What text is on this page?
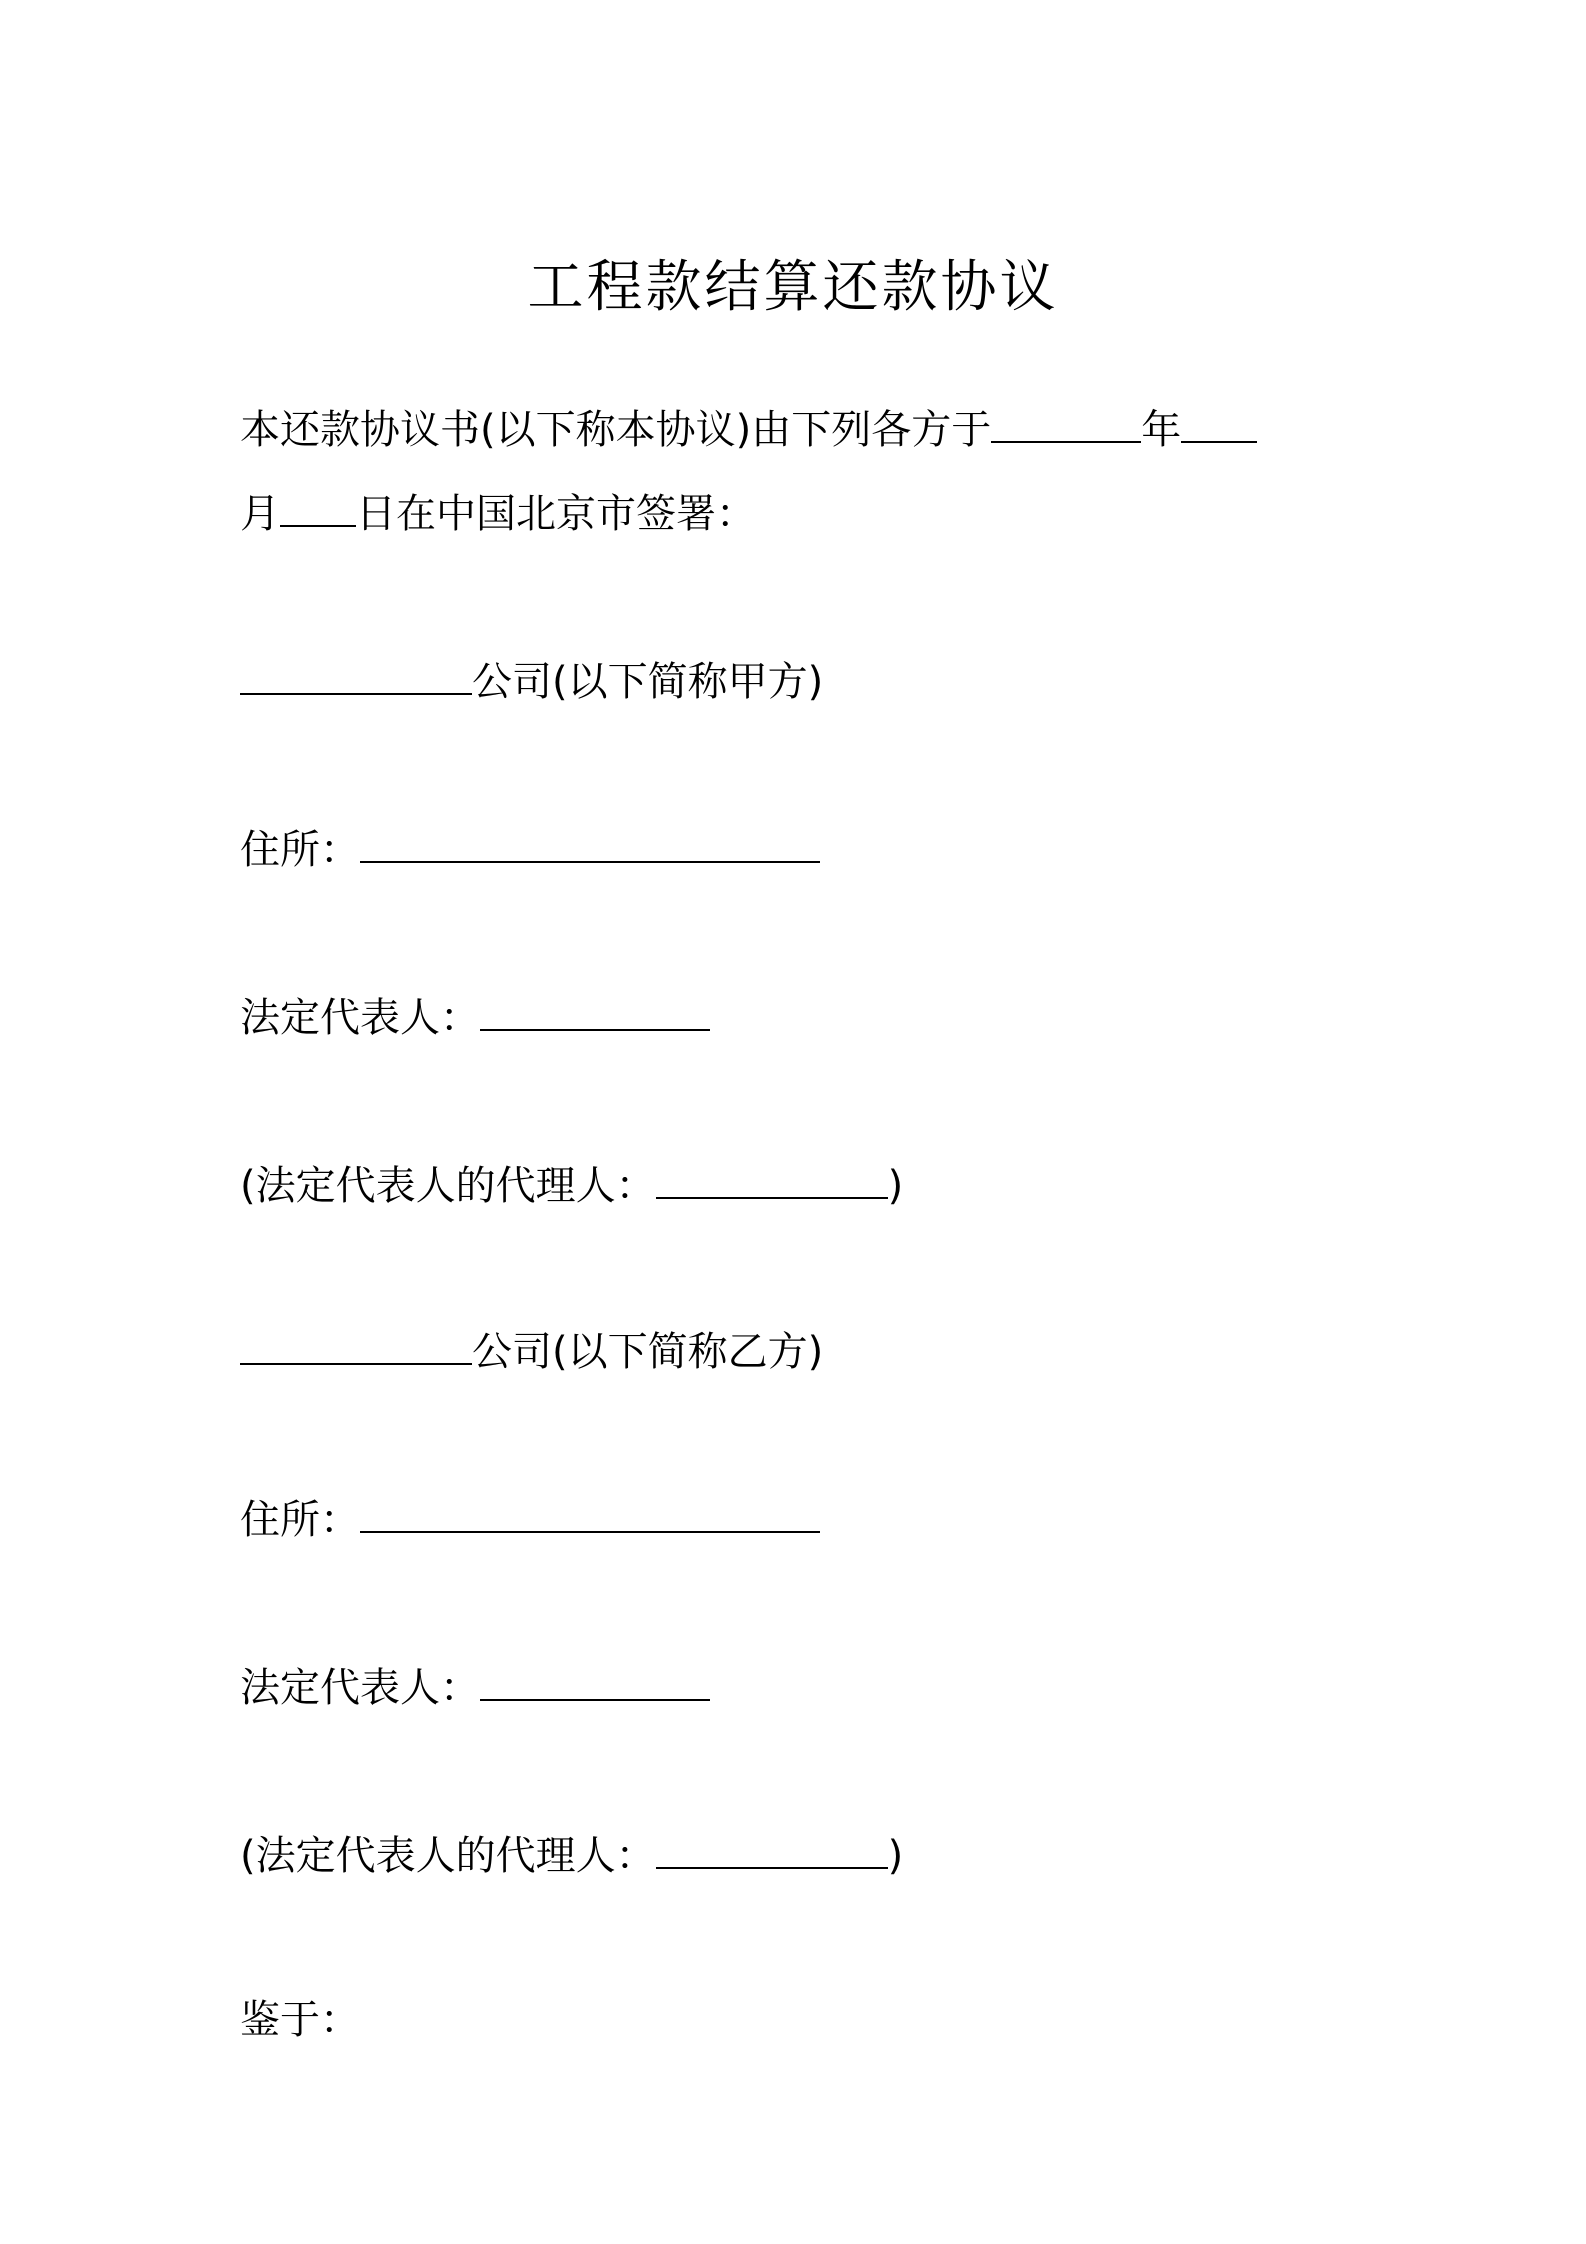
工程款结算还款协议
本还款协议书(以下称本协议)由下列各方于	年
月 日在中国北京市签署：
公司(以下简称甲方)
住所：
法定代表人：
(法定代表人的代理人：	)
公司(以下简称乙方)
住所：
法定代表人：
(法定代表人的代理人：	)
鉴于：
